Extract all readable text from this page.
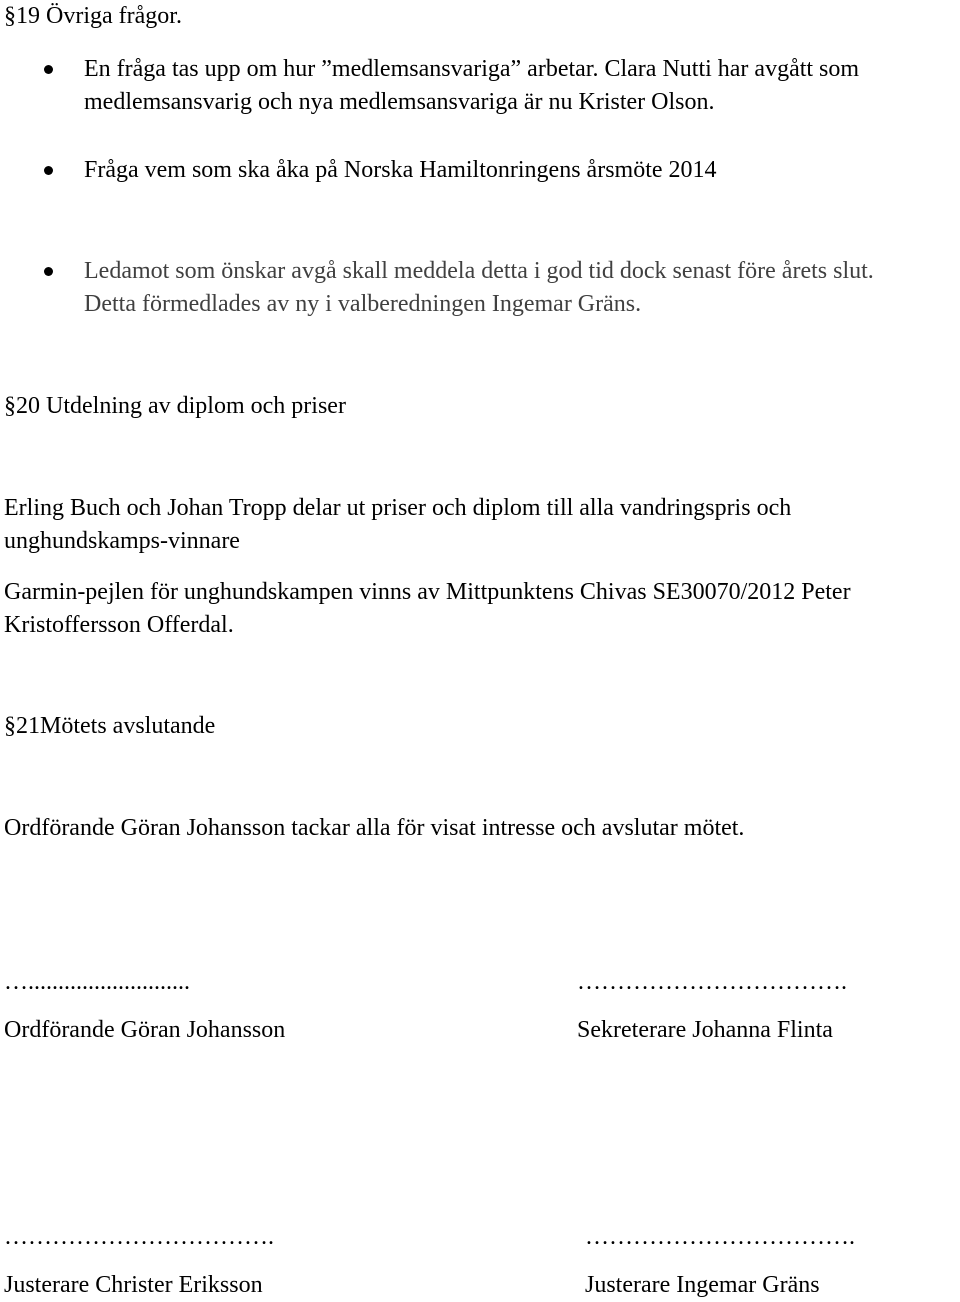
§19 Övriga frågor.
En fråga tas upp om hur ”medlemsansvariga” arbetar. Clara Nutti har avgått som
medlemsansvarig och nya medlemsansvariga är nu Krister Olson.
Fråga vem som ska åka på Norska Hamiltonringens årsmöte 2014
Ledamot som önskar avgå skall meddela detta i god tid dock senast före årets slut.
Detta förmedlades av ny i valberedningen Ingemar Gräns.
§20 Utdelning av diplom och priser
Erling Buch och Johan Tropp delar ut priser och diplom till alla vandringspris och
unghundskamps-vinnare
Garmin-pejlen för unghundskampen vinns av Mittpunktens Chivas SE30070/2012 Peter
Kristoffersson Offerdal.
§21Mötets avslutande
Ordförande Göran Johansson tackar alla för visat intresse och avslutar mötet.
…...........................
Ordförande Göran Johansson
…………………………….
Sekreterare Johanna Flinta
…………………………….
Justerare Christer Eriksson
…………………………….
Justerare Ingemar Gräns
